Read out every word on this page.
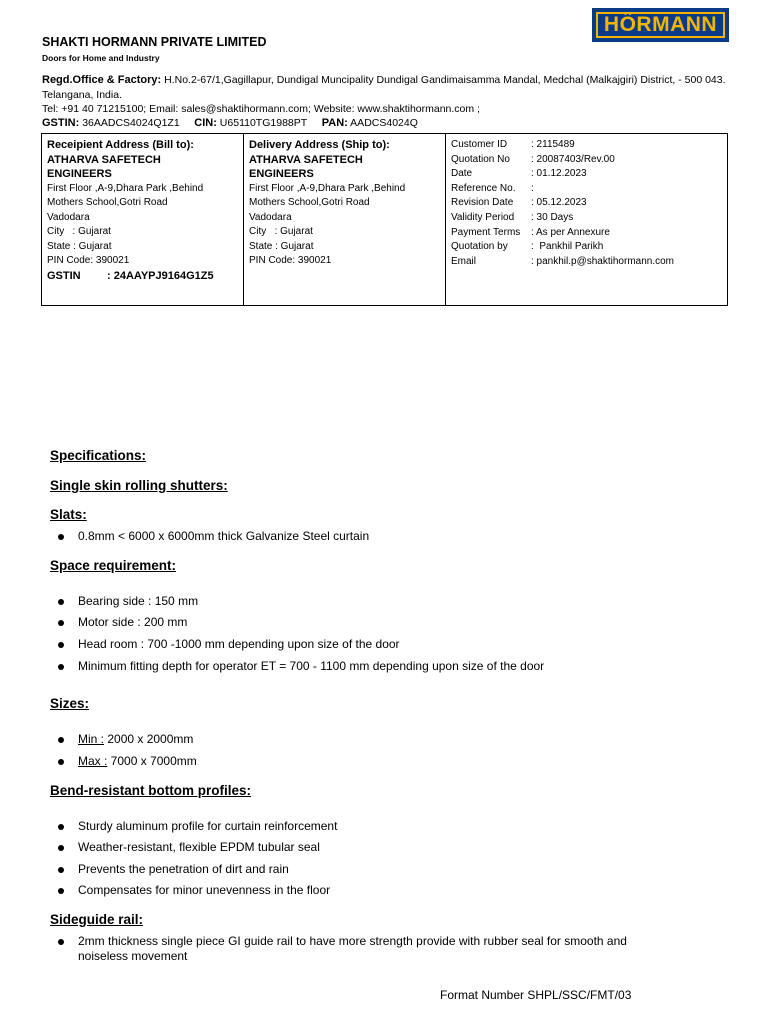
HÖRMANN
SHAKTI HORMANN PRIVATE LIMITED
Doors for Home and Industry
Regd.Office & Factory: H.No.2-67/1,Gagillapur, Dundigal Muncipality Dundigal Gandimaisamma Mandal, Medchal (Malkajgiri) District, - 500 043. Telangana, India.
Tel: +91 40 71215100; Email: sales@shaktihormann.com; Website: www.shaktihormann.com ;
GSTIN: 36AADCS4024Q1Z1 CIN: U65110TG1988PT PAN: AADCS4024Q
Receipient Address (Bill to):
ATHARVA SAFETECH
ENGINEERS
First Floor ,A-9,Dhara Park ,Behind
Mothers School,Gotri Road
Vadodara
City   : Gujarat
State : Gujarat
PIN Code: 390021
GSTIN	: 24AAYPJ9164G1Z5
Delivery Address (Ship to):
ATHARVA SAFETECH
ENGINEERS
First Floor ,A-9,Dhara Park ,Behind
Mothers School,Gotri Road
Vadodara
City   : Gujarat
State : Gujarat
PIN Code: 390021
Customer ID	: 2115489
Quotation No	: 20087403/Rev.00
Date	: 01.12.2023
Reference No.	:
Revision Date	: 05.12.2023
Validity Period	: 30 Days
Payment Terms	: As per Annexure
Quotation by	:  Pankhil Parikh
Email	: pankhil.p@shaktihormann.com
Specifications:
Single skin rolling shutters:
Slats:
0.8mm < 6000 x 6000mm thick Galvanize Steel curtain
Space requirement:
Bearing side : 150 mm
Motor side : 200 mm
Head room : 700 -1000 mm depending upon size of the door
Minimum fitting depth for operator ET = 700 - 1100 mm depending upon size of the door
Sizes:
Min : 2000 x 2000mm
Max : 7000 x 7000mm
Bend-resistant bottom profiles:
Sturdy aluminum profile for curtain reinforcement
Weather-resistant, flexible EPDM tubular seal
Prevents the penetration of dirt and rain
Compensates for minor unevenness in the floor
Sideguide rail:
2mm thickness single piece GI guide rail to have more strength provide with rubber seal for smooth and
noiseless movement
Format Number SHPL/SSC/FMT/03
